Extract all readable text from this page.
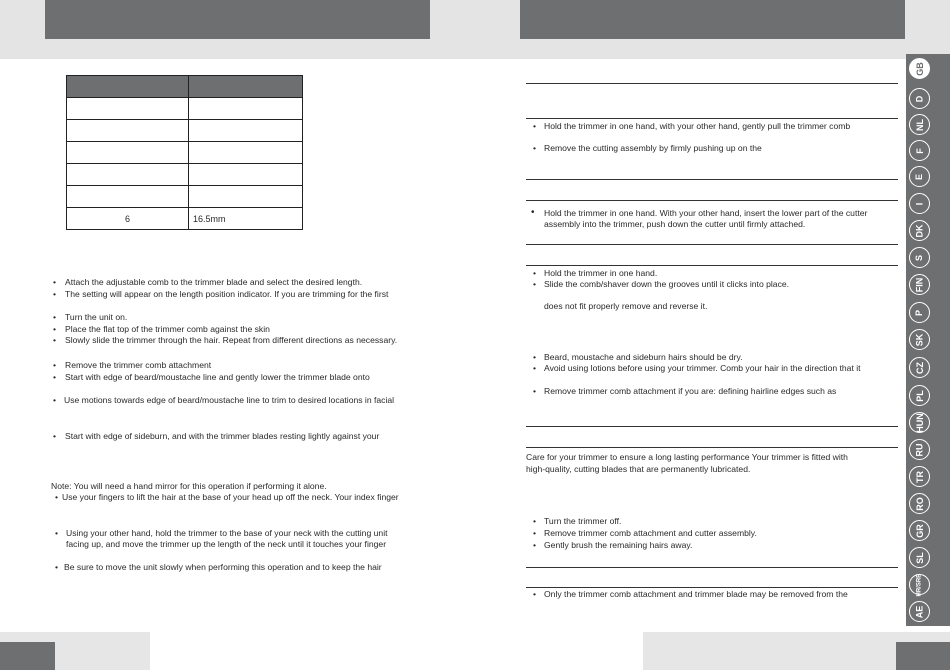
GB
D
NL
F
E
I
DK
S
FIN
P
SK
CZ
PL
HUN
RU
TR
RO
GR
SL
HR/SRB
AE

6	16.5mm
• Attach the adjustable comb to the trimmer blade and select the desired length.
• The setting will appear on the length position indicator. If you are trimming for the first
• Turn the unit on.
• Place the flat top of the trimmer comb against the skin
• Slowly slide the trimmer through the hair. Repeat from different directions as necessary.
• Remove the trimmer comb attachment
• Start with edge of beard/moustache line and gently lower the trimmer blade onto
• Use motions towards edge of beard/moustache line to trim to desired locations in facial
• Start with edge of sideburn, and with the trimmer blades resting lightly against your
Note: You will need a hand mirror for this operation if performing it alone.
• Use your fingers to lift the hair at the base of your head up off the neck. Your index finger
• Using your other hand, hold the trimmer to the base of your neck with the cutting unit
facing up, and move the trimmer up the length of the neck until it touches your finger
• Be sure to move the unit slowly when performing this operation and to keep the hair
• Hold the trimmer in one hand, with your other hand, gently pull the trimmer comb
• Remove the cutting assembly by firmly pushing up on the
• Hold the trimmer in one hand. With your other hand, insert the lower part of the cutter
assembly into the trimmer, push down the cutter until firmly attached.
• Hold the trimmer in one hand.
• Slide the comb/shaver down the grooves until it clicks into place.
does not fit properly remove and reverse it.
• Beard, moustache and sideburn hairs should be dry.
• Avoid using lotions before using your trimmer. Comb your hair in the direction that it
• Remove trimmer comb attachment if you are: defining hairline edges such as
Care for your trimmer to ensure a long lasting performance Your trimmer is fitted with
high-quality, cutting blades that are permanently lubricated.
• Turn the trimmer off.
• Remove trimmer comb attachment and cutter assembly.
• Gently brush the remaining hairs away.
• Only the trimmer comb attachment and trimmer blade may be removed from the
